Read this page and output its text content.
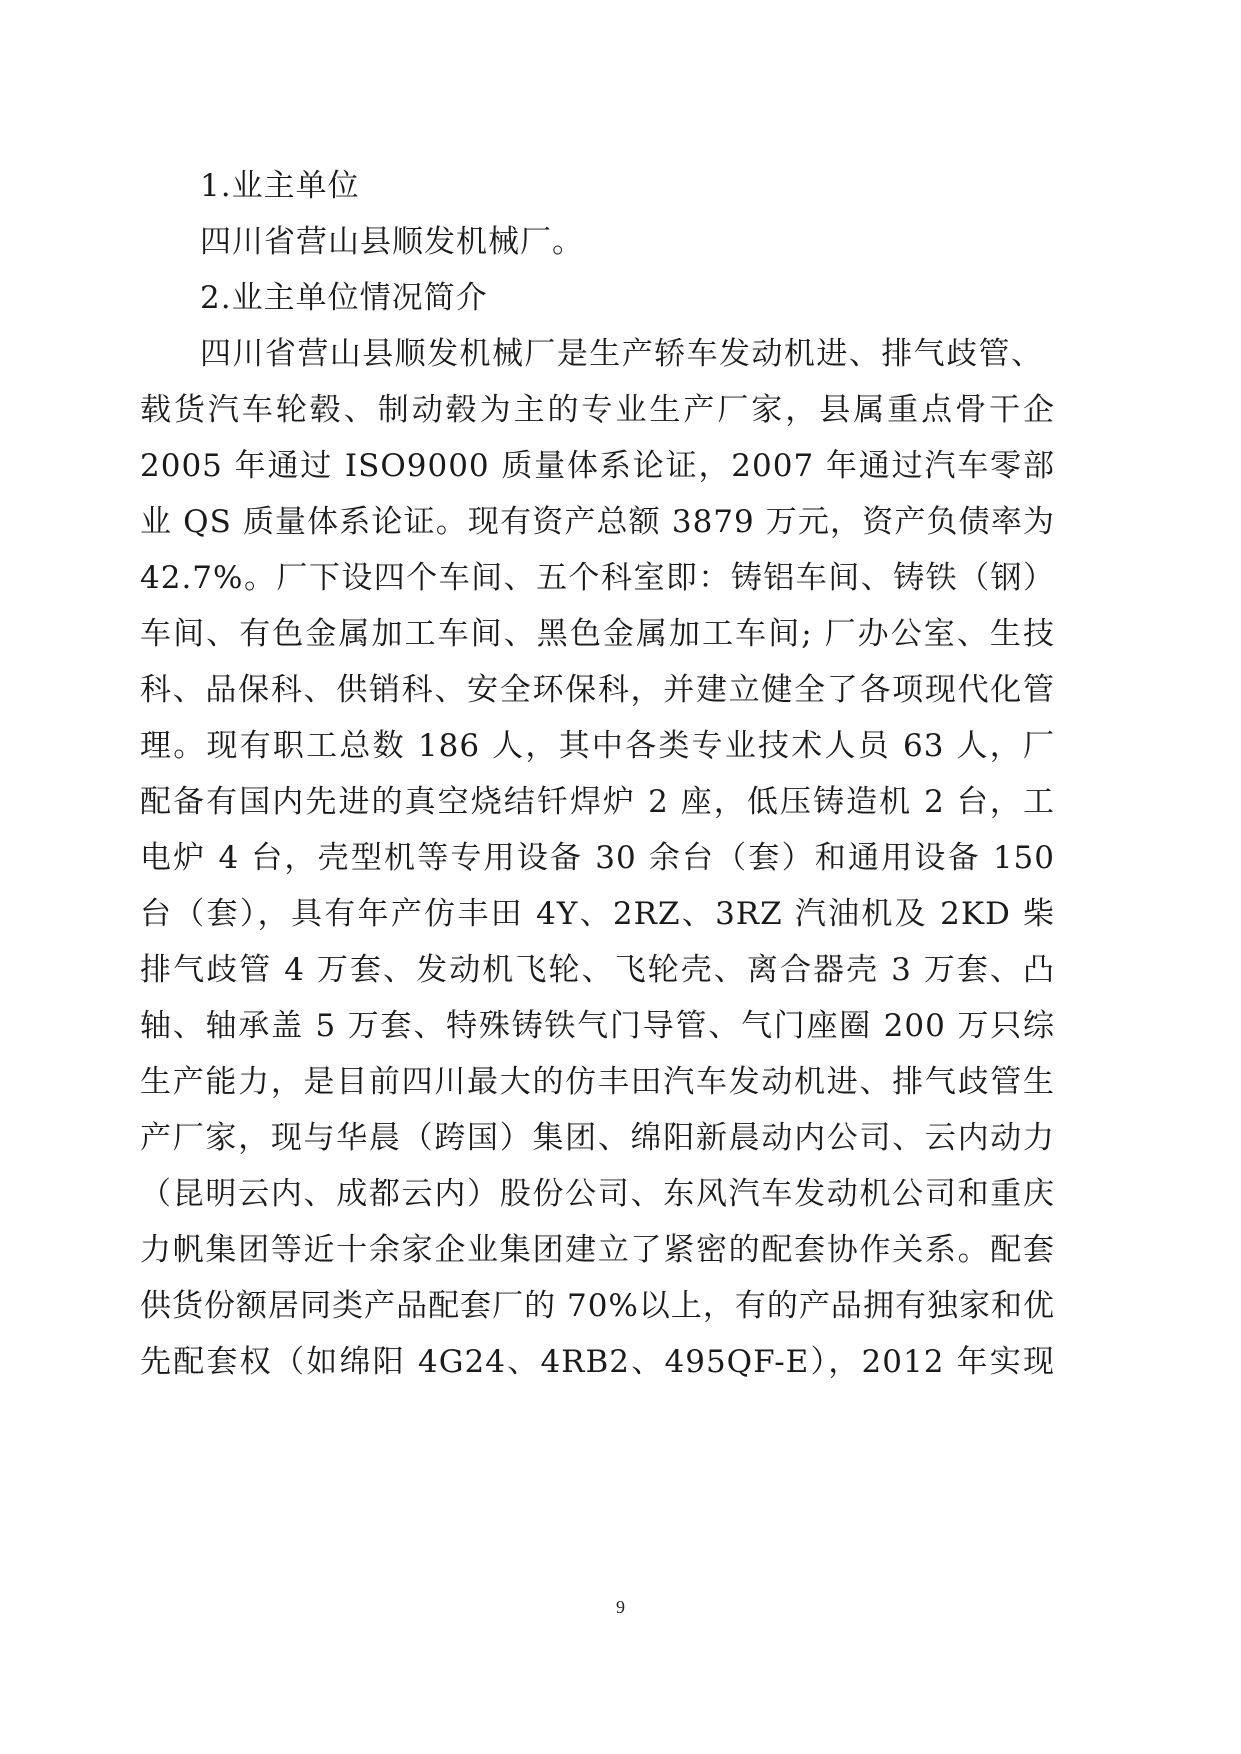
1.业主单位
四川省营山县顺发机械厂。
2.业主单位情况简介
四川省营山县顺发机械厂是生产轿车发动机进、排气歧管、
载货汽车轮毂、制动毂为主的专业生产厂家，县属重点骨干企
2005 年通过 ISO9000 质量体系论证，2007 年通过汽车零部
业 QS 质量体系论证。现有资产总额 3879 万元，资产负债率为
42.7%。厂下设四个车间、五个科室即：铸铝车间、铸铁（钢）
车间、有色金属加工车间、黑色金属加工车间; 厂办公室、生技
科、品保科、供销科、安全环保科，并建立健全了各项现代化管
理。现有职工总数 186 人，其中各类专业技术人员 63 人，厂
配备有国内先进的真空烧结钎焊炉 2 座，低压铸造机 2 台，工
电炉 4 台，壳型机等专用设备 30 余台（套）和通用设备 150
台（套），具有年产仿丰田 4Y、2RZ、3RZ 汽油机及 2KD 柴
排气歧管 4 万套、发动机飞轮、飞轮壳、离合器壳 3 万套、凸
轴、轴承盖 5 万套、特殊铸铁气门导管、气门座圈 200 万只综
生产能力，是目前四川最大的仿丰田汽车发动机进、排气歧管生
产厂家，现与华晨（跨国）集团、绵阳新晨动内公司、云内动力
（昆明云内、成都云内）股份公司、东风汽车发动机公司和重庆
力帆集团等近十余家企业集团建立了紧密的配套协作关系。配套
供货份额居同类产品配套厂的 70%以上，有的产品拥有独家和优
先配套权（如绵阳 4G24、4RB2、495QF-E），2012 年实现
9
